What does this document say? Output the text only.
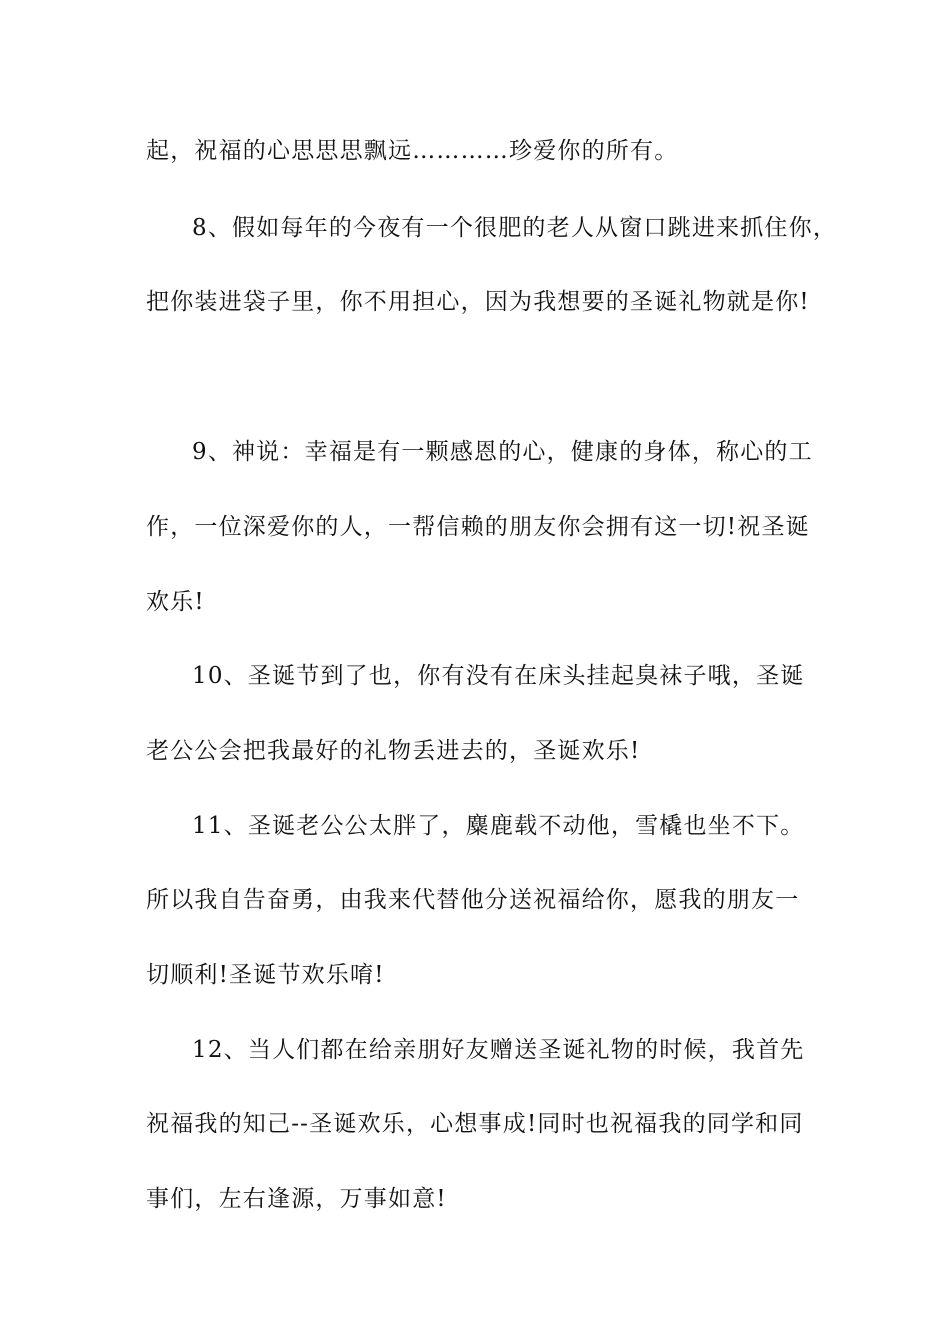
起，祝福的心思思思飘远…………珍爱你的所有。
8、假如每年的今夜有一个很肥的老人从窗口跳进来抓住你，
把你装进袋子里，你不用担心，因为我想要的圣诞礼物就是你!
9、神说：幸福是有一颗感恩的心，健康的身体，称心的工
作，一位深爱你的人，一帮信赖的朋友你会拥有这一切!祝圣诞
欢乐!
10、圣诞节到了也，你有没有在床头挂起臭袜子哦，圣诞
老公公会把我最好的礼物丢进去的，圣诞欢乐!
11、圣诞老公公太胖了，麋鹿载不动他，雪橇也坐不下。
所以我自告奋勇，由我来代替他分送祝福给你，愿我的朋友一
切顺利!圣诞节欢乐唷!
12、当人们都在给亲朋好友赠送圣诞礼物的时候，我首先
祝福我的知己--圣诞欢乐，心想事成!同时也祝福我的同学和同
事们，左右逢源，万事如意!
